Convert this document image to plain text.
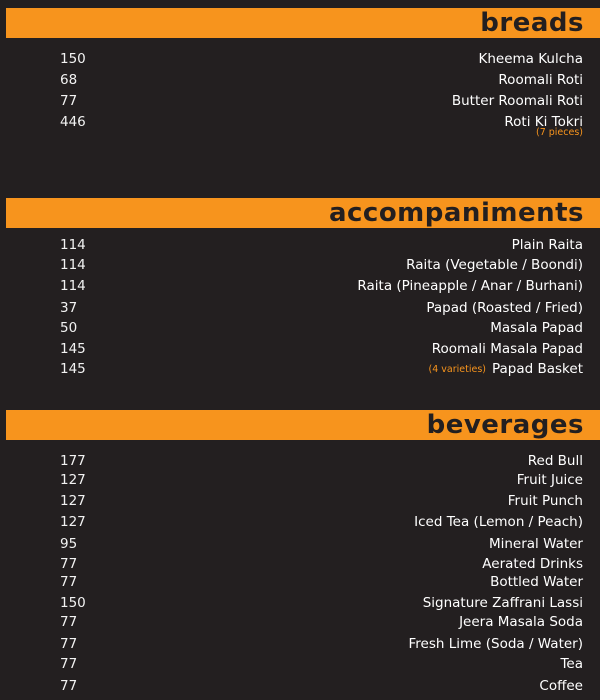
breads
150	Kheema Kulcha
68	Roomali Roti
77	Butter Roomali Roti
446	Roti Ki Tokri
(7 pieces)
accompaniments
114	Plain Raita
114	Raita (Vegetable / Boondi)
114	Raita (Pineapple / Anar / Burhani)
37	Papad (Roasted / Fried)
50	Masala Papad
145	Roomali Masala Papad
145	(4 varieties) Papad Basket
beverages
177	Red Bull
127	Fruit Juice
127	Fruit Punch
127	Iced Tea (Lemon / Peach)
95	Mineral Water
77	Aerated Drinks
77	Bottled Water
150	Signature Zaffrani Lassi
77	Jeera Masala Soda
77	Fresh Lime (Soda / Water)
77	Tea
77	Coffee
